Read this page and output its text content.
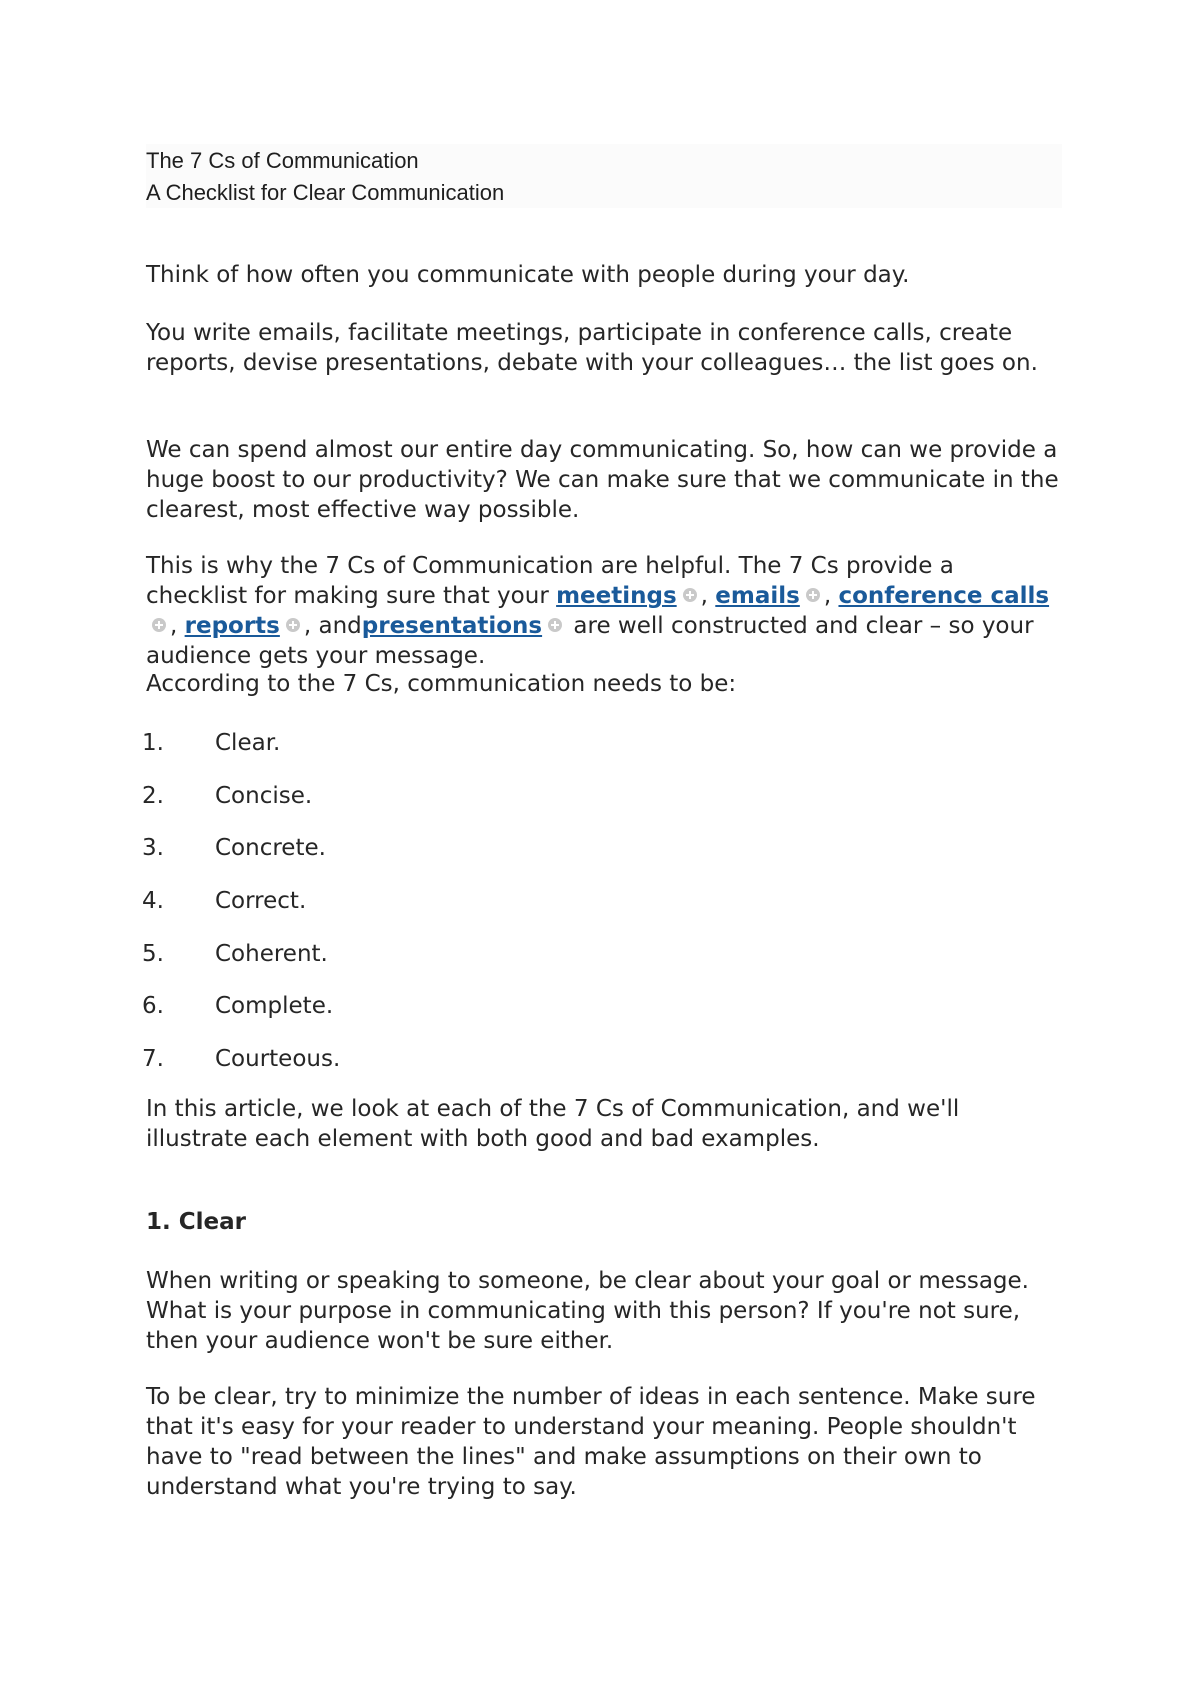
The 7 Cs of Communication
A Checklist for Clear Communication

Think of how often you communicate with people during your day.

You write emails, facilitate meetings, participate in conference calls, create reports, devise presentations, debate with your colleagues… the list goes on.

We can spend almost our entire day communicating. So, how can we provide a huge boost to our productivity? We can make sure that we communicate in the clearest, most effective way possible.

This is why the 7 Cs of Communication are helpful. The 7 Cs provide a checklist for making sure that your meetings , emails , conference calls, reports , andpresentations are well constructed and clear – so your audience gets your message.

According to the 7 Cs, communication needs to be:

1.	Clear.
2.	Concise.
3.	Concrete.
4.	Correct.
5.	Coherent.
6.	Complete.
7.	Courteous.

In this article, we look at each of the 7 Cs of Communication, and we'll illustrate each element with both good and bad examples.

1. Clear

When writing or speaking to someone, be clear about your goal or message. What is your purpose in communicating with this person? If you're not sure, then your audience won't be sure either.

To be clear, try to minimize the number of ideas in each sentence. Make sure that it's easy for your reader to understand your meaning. People shouldn't have to "read between the lines" and make assumptions on their own to understand what you're trying to say.
